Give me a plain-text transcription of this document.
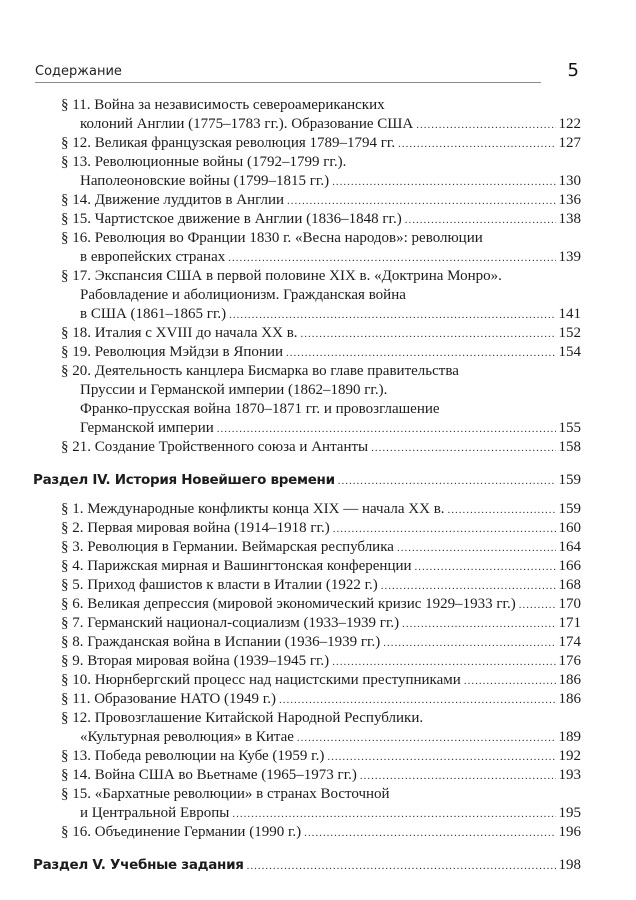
Содержание	5
§ 11. Война за независимость североамериканских
колоний Англии (1775–1783 гг.). Образование США .....	122
§ 12. Великая французская революция 1789–1794 гг. .....	127
§ 13. Революционные войны (1792–1799 гг.).
Наполеоновские войны (1799–1815 гг.) .....	130
§ 14. Движение луддитов в Англии .....	136
§ 15. Чартистское движение в Англии (1836–1848 гг.) .....	138
§ 16. Революция во Франции 1830 г. «Весна народов»: революции
в европейских странах .....	139
§ 17. Экспансия США в первой половине XIX в. «Доктрина Монро».
Рабовладение и аболиционизм. Гражданская война
в США (1861–1865 гг.) .....	141
§ 18. Италия с XVIII до начала XX в. .....	152
§ 19. Революция Мэйдзи в Японии .....	154
§ 20. Деятельность канцлера Бисмарка во главе правительства
Пруссии и Германской империи (1862–1890 гг.).
Франко-прусская война 1870–1871 гг. и провозглашение
Германской империи .....	155
§ 21. Создание Тройственного союза и Антанты .....	158
Раздел IV. История Новейшего времени .....	159
§ 1. Международные конфликты конца XIX — начала XX в. .....	159
§ 2. Первая мировая война (1914–1918 гг.) .....	160
§ 3. Революция в Германии. Веймарская республика .....	164
§ 4. Парижская мирная и Вашингтонская конференции .....	166
§ 5. Приход фашистов к власти в Италии (1922 г.) .....	168
§ 6. Великая депрессия (мировой экономический кризис 1929–1933 гг.) .....	170
§ 7. Германский национал-социализм (1933–1939 гг.) .....	171
§ 8. Гражданская война в Испании (1936–1939 гг.) .....	174
§ 9. Вторая мировая война (1939–1945 гг.) .....	176
§ 10. Нюрнбергский процесс над нацистскими преступниками .....	186
§ 11. Образование НАТО (1949 г.) .....	186
§ 12. Провозглашение Китайской Народной Республики.
«Культурная революция» в Китае .....	189
§ 13. Победа революции на Кубе (1959 г.) .....	192
§ 14. Война США во Вьетнаме (1965–1973 гг.) .....	193
§ 15. «Бархатные революции» в странах Восточной
и Центральной Европы .....	195
§ 16. Объединение Германии (1990 г.) .....	196
Раздел V. Учебные задания .....	198
